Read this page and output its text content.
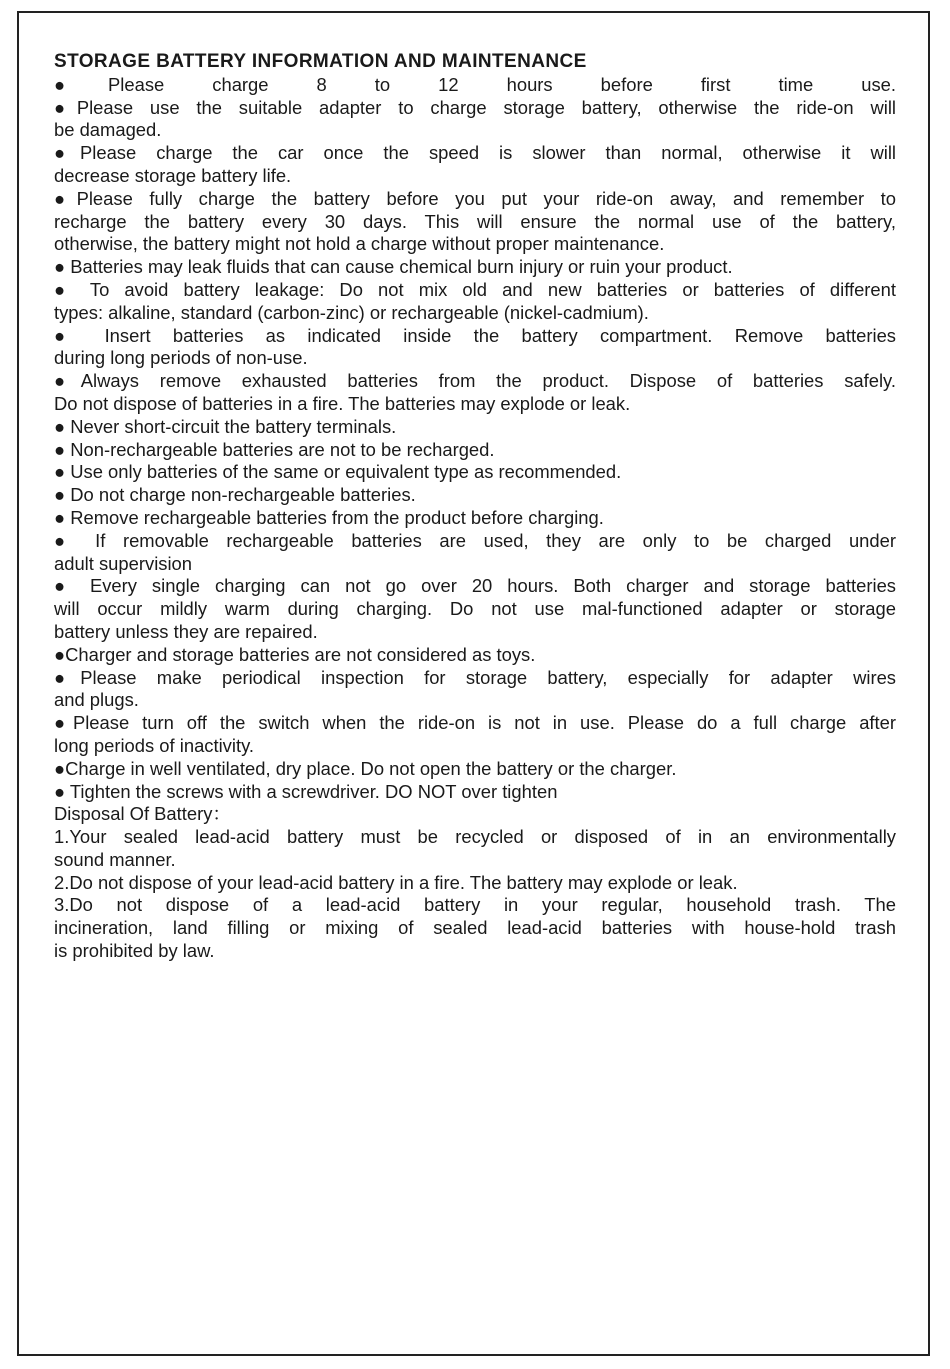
STORAGE BATTERY INFORMATION AND MAINTENANCE

●Please charge 8 to 12 hours before first time use.

●Please use the suitable adapter to charge storage battery, otherwise the ride-on will

be damaged.

●Please charge the car once the speed is slower than normal, otherwise it will

decrease storage battery life.

●Please fully charge the battery before you put your ride-on away, and remember to

recharge the battery every 30 days. This will ensure the normal use of the battery,

otherwise, the battery might not hold a charge without proper maintenance.

● Batteries may leak fluids that can cause chemical burn injury or ruin your product.

● To avoid battery leakage: Do not mix old and new batteries or batteries of different

types: alkaline, standard (carbon-zinc) or rechargeable (nickel-cadmium).

● Insert batteries as indicated inside the battery compartment. Remove batteries

during long periods of non-use.

●Always remove exhausted batteries from the product. Dispose of batteries safely.

Do not dispose of batteries in a fire. The batteries may explode or leak.

● Never short-circuit the battery terminals.

● Non-rechargeable batteries are not to be recharged.

● Use only batteries of the same or equivalent type as recommended.

● Do not charge non-rechargeable batteries.

● Remove rechargeable batteries from the product before charging.

● If removable rechargeable batteries are used, they are only to be charged under

adult supervision

● Every single charging can not go over 20 hours. Both charger and storage batteries

will occur mildly warm during charging. Do not use mal-functioned adapter or storage

battery unless they are repaired.

●Charger and storage batteries are not considered as toys.

●Please make periodical inspection for storage battery, especially for adapter wires

and plugs.

●Please turn off the switch when the ride-on is not in use. Please do a full charge after

long periods of inactivity.

●Charge in well ventilated, dry place. Do not open the battery or the charger.

● Tighten the screws with a screwdriver. DO NOT over tighten

Disposal Of Battery：

1.Your sealed lead-acid battery must be recycled or disposed of in an environmentally

sound manner.

2.Do not dispose of your lead-acid battery in a fire. The battery may explode or leak.

3.Do not dispose of a lead-acid battery in your regular, household trash. The

incineration, land filling or mixing of sealed lead-acid batteries with house-hold trash

is prohibited by law.
